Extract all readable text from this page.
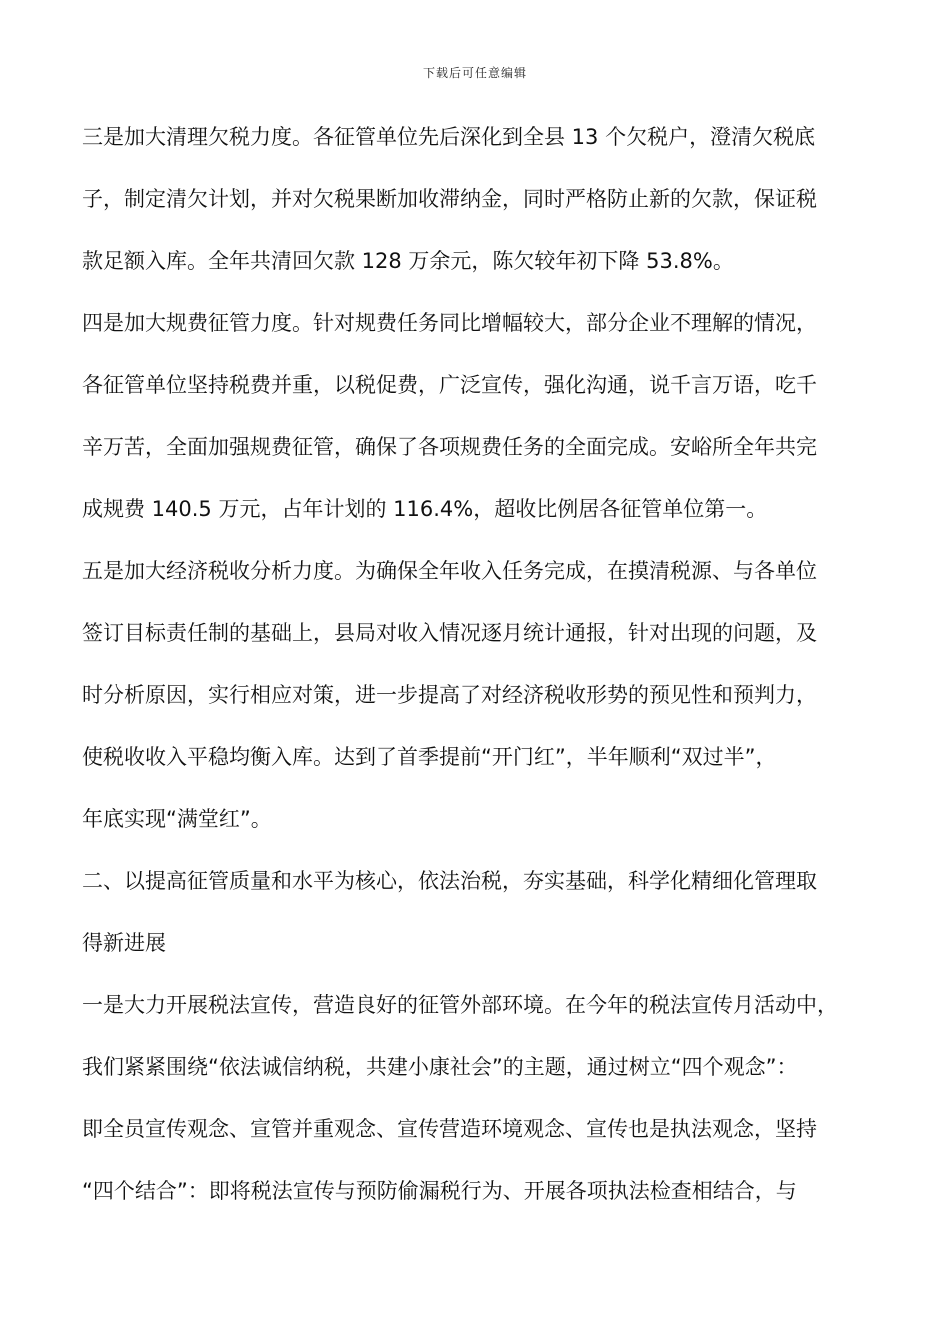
下载后可任意编辑
三是加大清理欠税力度。各征管单位先后深化到全县 13 个欠税户，澄清欠税底
子，制定清欠计划，并对欠税果断加收滞纳金，同时严格防止新的欠款，保证税
款足额入库。全年共清回欠款 128 万余元，陈欠较年初下降 53.8%。
四是加大规费征管力度。针对规费任务同比增幅较大，部分企业不理解的情况，
各征管单位坚持税费并重，以税促费，广泛宣传，强化沟通，说千言万语，吃千
辛万苦，全面加强规费征管，确保了各项规费任务的全面完成。安峪所全年共完
成规费 140.5 万元，占年计划的 116.4%，超收比例居各征管单位第一。
五是加大经济税收分析力度。为确保全年收入任务完成，在摸清税源、与各单位
签订目标责任制的基础上，县局对收入情况逐月统计通报，针对出现的问题，及
时分析原因，实行相应对策，进一步提高了对经济税收形势的预见性和预判力，
使税收收入平稳均衡入库。达到了首季提前“开门红”，半年顺利“双过半”，
年底实现“满堂红”。
二、以提高征管质量和水平为核心，依法治税，夯实基础，科学化精细化管理取
得新进展
一是大力开展税法宣传，营造良好的征管外部环境。在今年的税法宣传月活动中，
我们紧紧围绕“依法诚信纳税，共建小康社会”的主题，通过树立“四个观念”：
即全员宣传观念、宣管并重观念、宣传营造环境观念、宣传也是执法观念，坚持
“四个结合”：即将税法宣传与预防偷漏税行为、开展各项执法检查相结合，与
